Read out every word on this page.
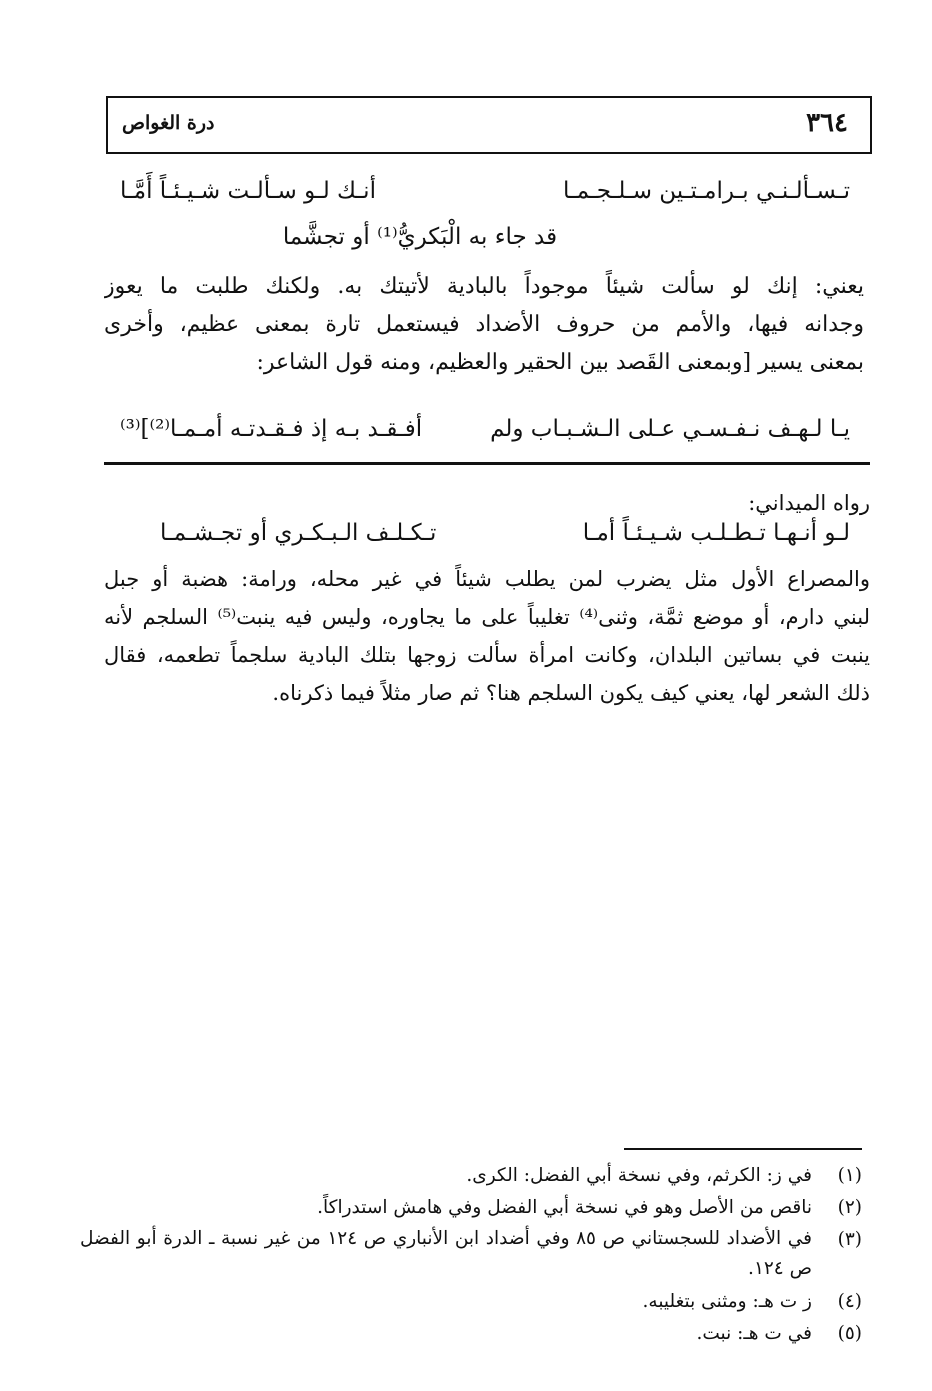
درة الغواص	٣٦٤
تـسـألـنـي بـرامـتـين سـلـجـمـا
أنـك لـو سـألـت شـيـئـاً أَمَّـا
قد جاء به الْبَكريُّ⁽¹⁾ أو تجشَّما
يعني: إنك لو سألت شيئاً موجوداً بالبادية لأتيتك به. ولكنك طلبت ما يعوز
وجدانه فيها، والأمم من حروف الأضداد فيستعمل تارة بمعنى عظيم، وأخرى
بمعنى يسير [وبمعنى القَصد بين الحقير والعظيم، ومنه قول الشاعر:
يـا لـهـف نـفـسـي عـلى الـشـبـاب ولم
أفـقـد بـه إذ فـقـدتـه أمـمـا⁽²⁾]⁽³⁾
رواه الميداني:
لـو أنـهـا تـطـلـب شـيـئـاً أمـا
تـكـلـف الـبـكـري أو تجـشـمـا
والمصراع الأول مثل يضرب لمن يطلب شيئاً في غير محله، ورامة: هضبة أو جبل
لبني دارم، أو موضع ثمَّة، وثنى⁽⁴⁾ تغليباً على ما يجاوره، وليس فيه ينبت⁽⁵⁾ السلجم لأنه
ينبت في بساتين البلدان، وكانت امرأة سألت زوجها بتلك البادية سلجماً تطعمه، فقال
ذلك الشعر لها، يعني كيف يكون السلجم هنا؟ ثم صار مثلاً فيما ذكرناه.
(١)
في ز: الكرثم، وفي نسخة أبي الفضل: الكرى.
(٢)
ناقص من الأصل وهو في نسخة أبي الفضل وفي هامش استدراكاً.
(٣)
في الأضداد للسجستاني ص ٨٥ وفي أضداد ابن الأنباري ص ١٢٤ من غير نسبة ـ الدرة أبو الفضل ص ١٢٤.
(٤)
ز ت هـ: ومثنى بتغليبه.
(٥)
في ت هـ: نبت.
